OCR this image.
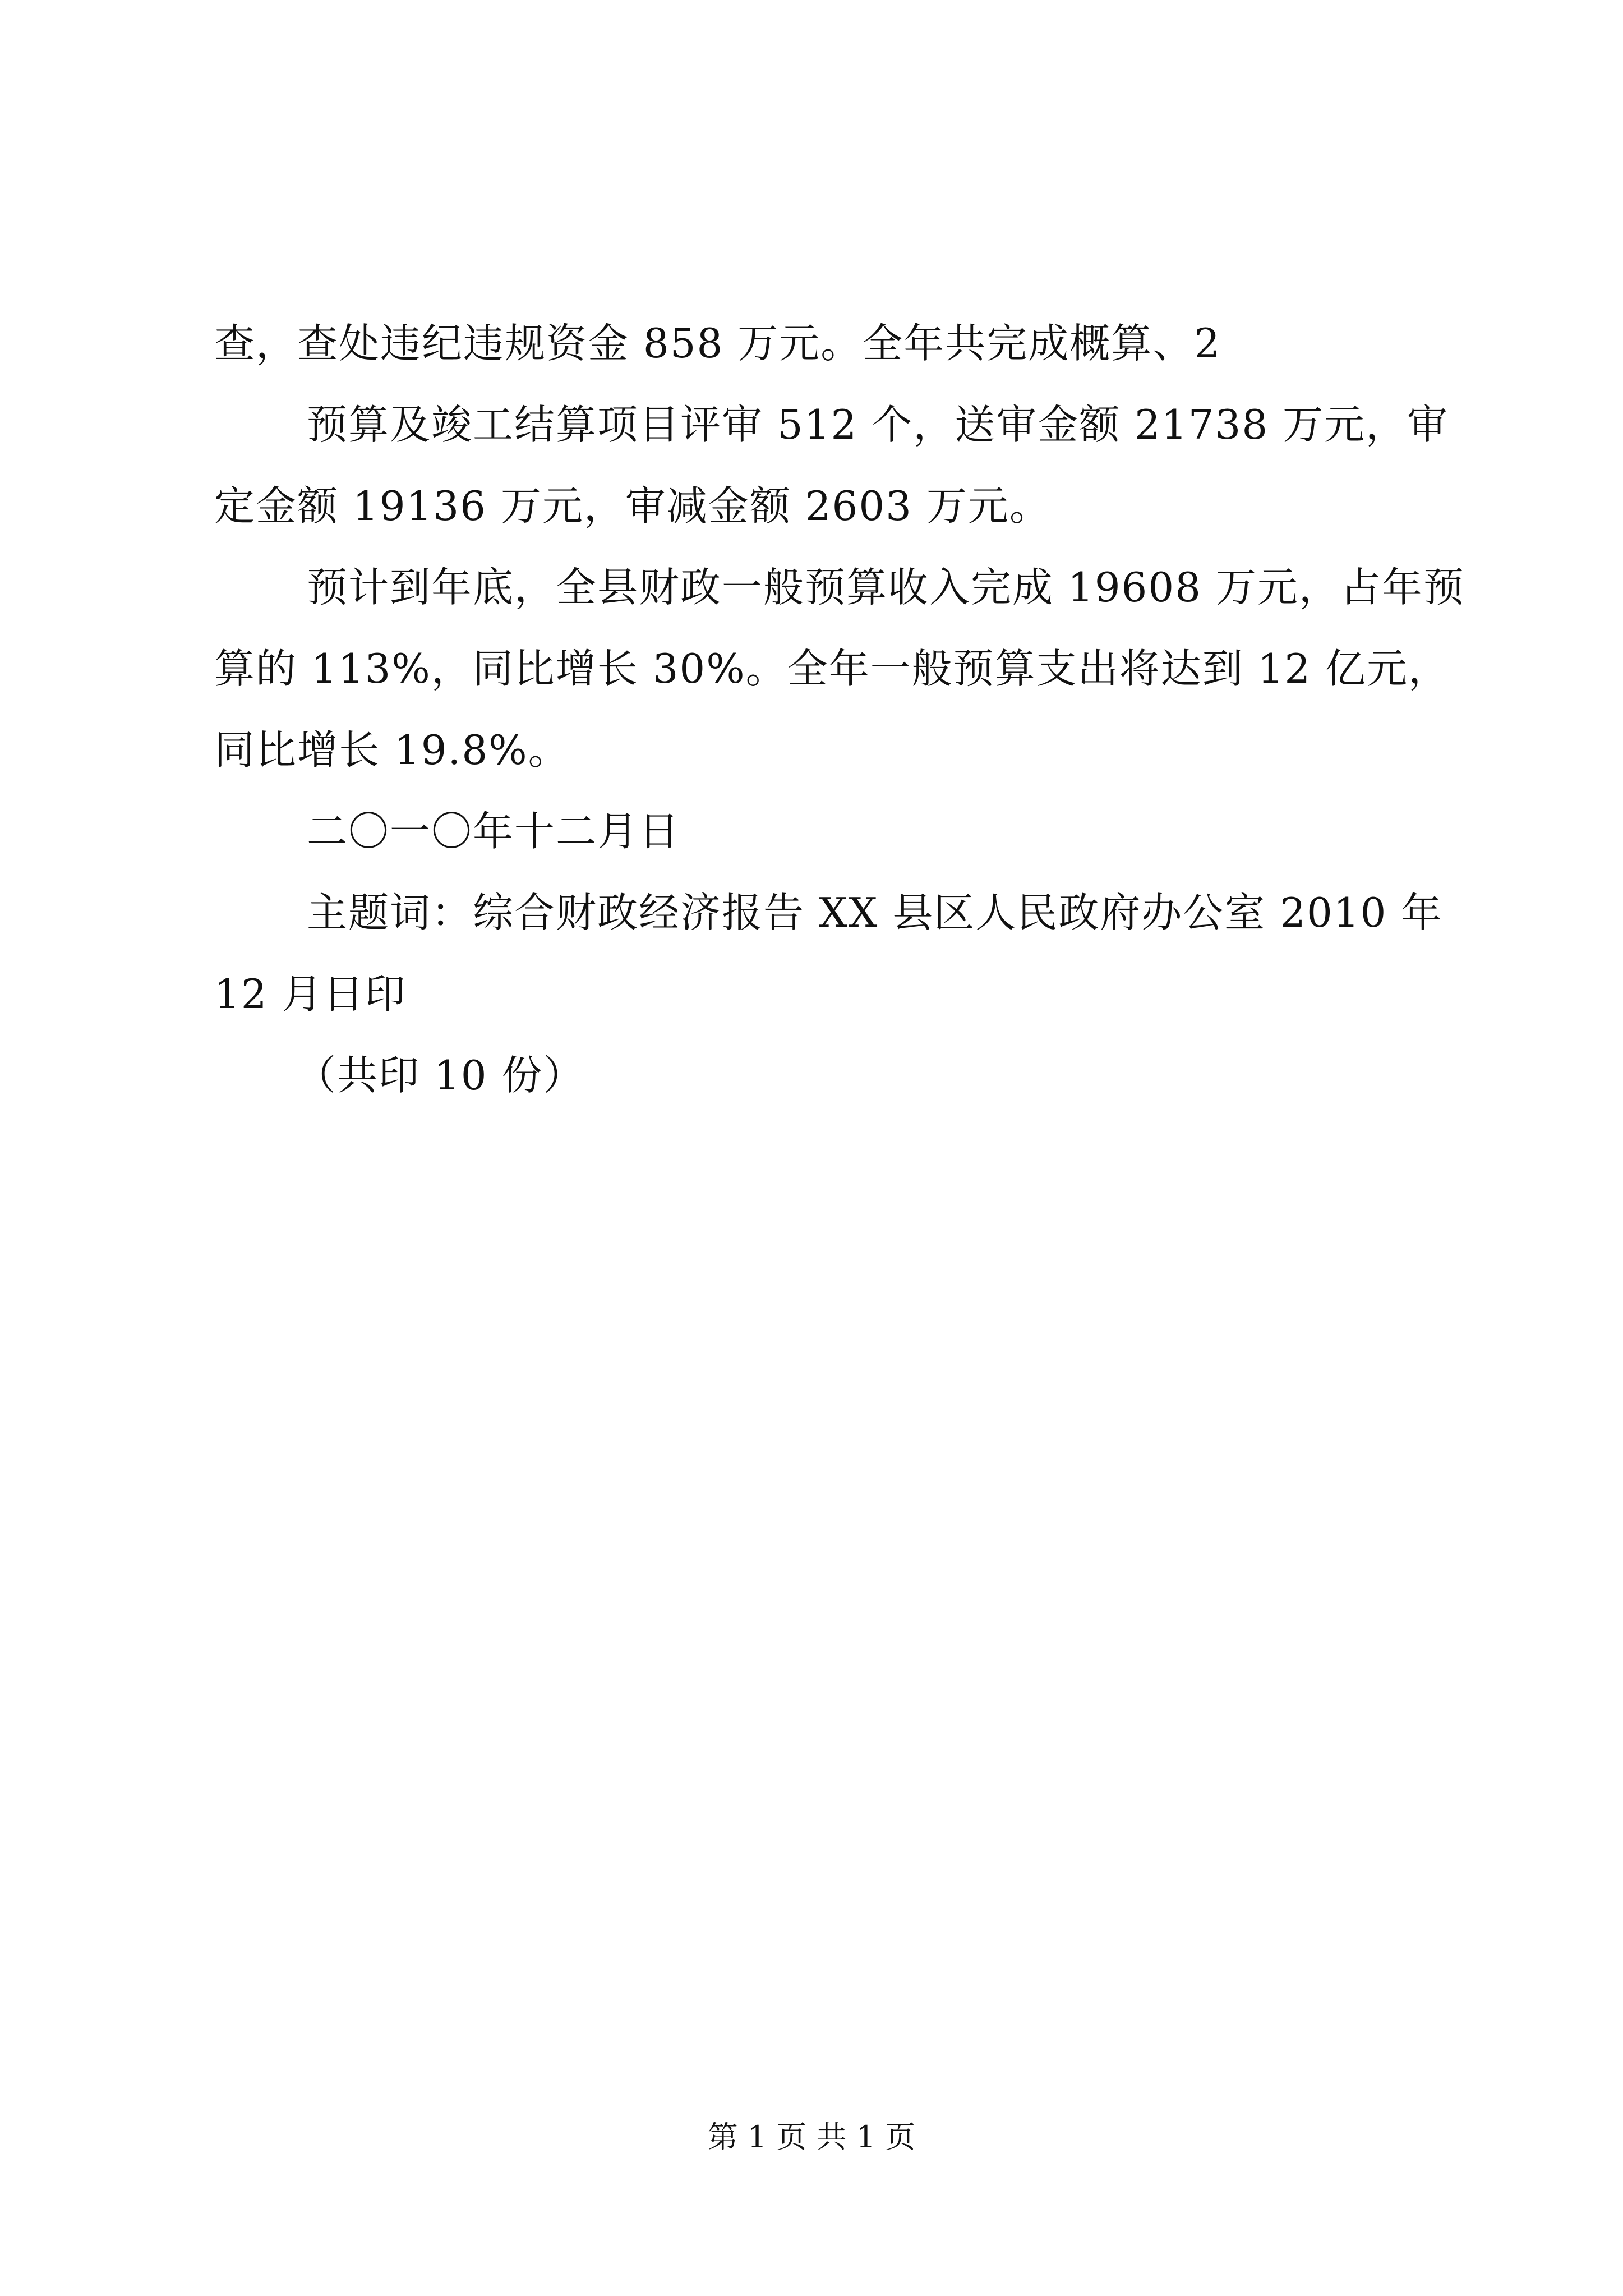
查，查处违纪违规资金 858 万元。全年共完成概算、2

预算及竣工结算项目评审 512 个，送审金额 21738 万元，审定金额 19136 万元，审减金额 2603 万元。

预计到年底，全县财政一般预算收入完成 19608 万元，占年预算的 113%，同比增长 30%。全年一般预算支出将达到 12 亿元，同比增长 19.8%。

二〇一〇年十二月日

主题词：综合财政经济报告 XX 县区人民政府办公室 2010 年 12 月日印

（共印 10 份）

第 1 页 共 1 页
